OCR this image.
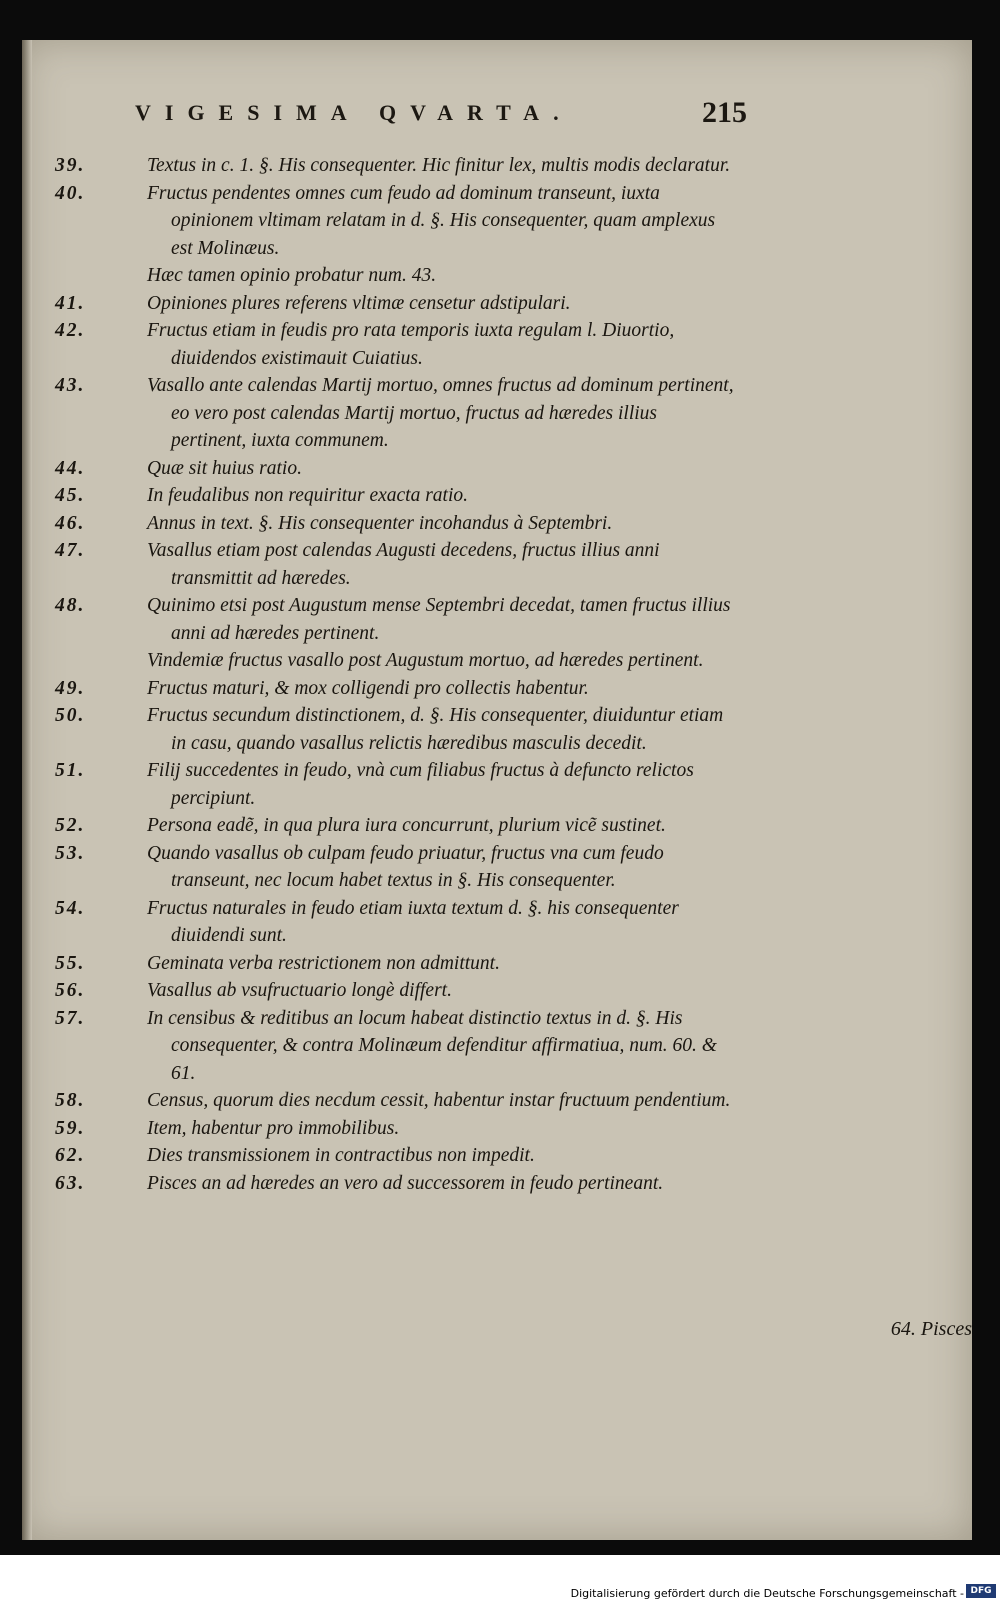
VIGESIMA QVARTA.	215
39.	Textus in c. 1. §. His consequenter. Hic finitur lex, multis modis declaratur.
40.	Fructus pendentes omnes cum feudo ad dominum transeunt, iuxta opinionem vltimam relatam in d. §. His consequenter, quam amplexus est Molinæus.
Hæc tamen opinio probatur num. 43.
41.	Opiniones plures referens vltimæ censetur adstipulari.
42.	Fructus etiam in feudis pro rata temporis iuxta regulam l. Diuortio, diuidendos existimauit Cuiatius.
43.	Vasallo ante calendas Martij mortuo, omnes fructus ad dominum pertinent, eo vero post calendas Martij mortuo, fructus ad hæredes illius pertinent, iuxta communem.
44.	Quæ sit huius ratio.
45.	In feudalibus non requiritur exacta ratio.
46.	Annus in text. §. His consequenter incohandus à Septembri.
47.	Vasallus etiam post calendas Augusti decedens, fructus illius anni transmittit ad hæredes.
48.	Quinimo etsi post Augustum mense Septembri decedat, tamen fructus illius anni ad hæredes pertinent.
Vindemiæ fructus vasallo post Augustum mortuo, ad hæredes pertinent.
49.	Fructus maturi, & mox colligendi pro collectis habentur.
50.	Fructus secundum distinctionem, d. §. His consequenter, diuiduntur etiam in casu, quando vasallus relictis hæredibus masculis decedit.
51.	Filij succedentes in feudo, vnà cum filiabus fructus à defuncto relictos percipiunt.
52.	Persona eadẽ, in qua plura iura concurrunt, plurium vicẽ sustinet.
53.	Quando vasallus ob culpam feudo priuatur, fructus vna cum feudo transeunt, nec locum habet textus in §. His consequenter.
54.	Fructus naturales in feudo etiam iuxta textum d. §. his consequenter diuidendi sunt.
55.	Geminata verba restrictionem non admittunt.
56.	Vasallus ab vsufructuario longè differt.
57.	In censibus & reditibus an locum habeat distinctio textus in d. §. His consequenter, & contra Molinæum defenditur affirmatiua, num. 60. & 61.
58.	Census, quorum dies necdum cessit, habentur instar fructuum pendentium.
59.	Item, habentur pro immobilibus.
62.	Dies transmissionem in contractibus non impedit.
63.	Pisces an ad hæredes an vero ad successorem in feudo pertineant.
64. Pisces
Digitalisierung gefördert durch die Deutsche Forschungsgemeinschaft - DFG
